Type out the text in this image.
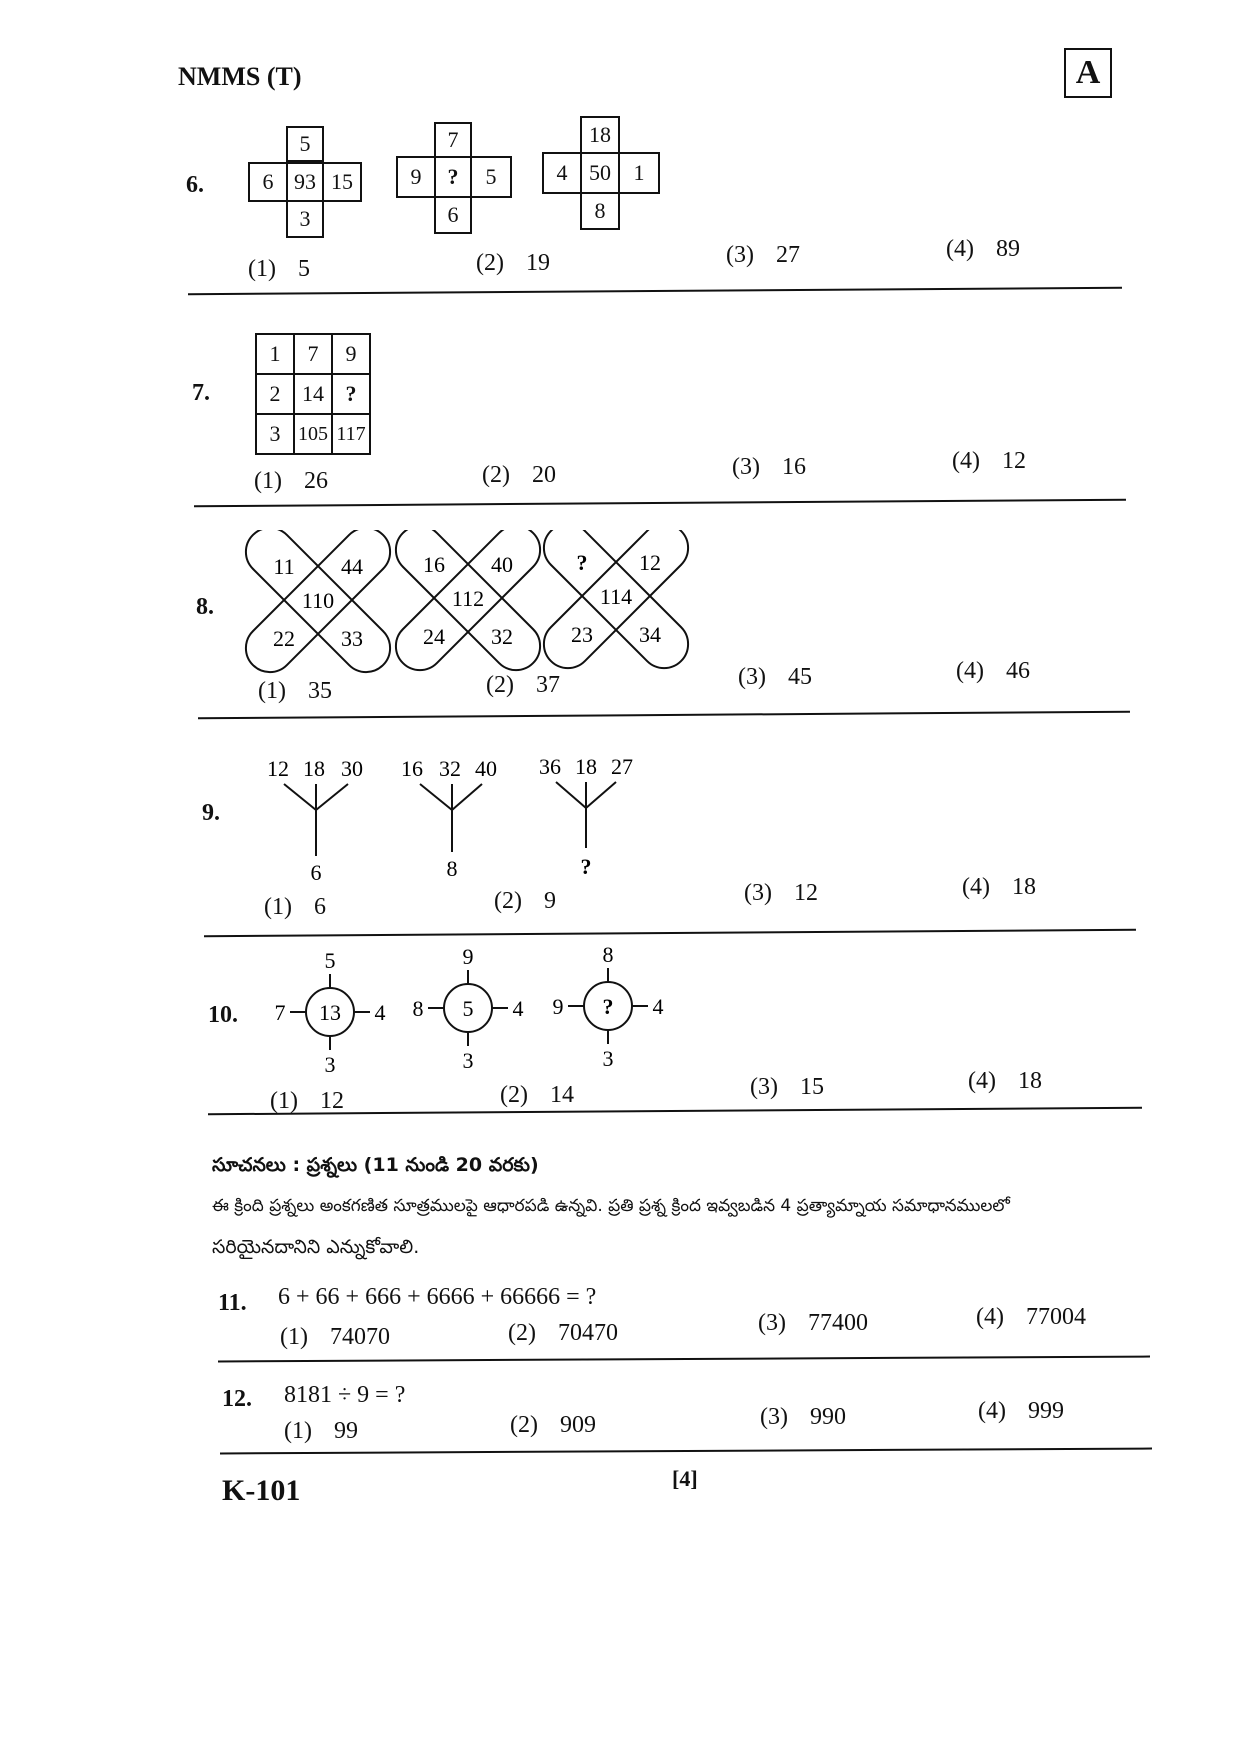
NMMS (T)	A
6.
5
6 93 15
3
7
9	?	5
6
18
4 50	1
8
(1) 5	(2) 19	(3) 27	(4) 89
7.
1	7	9
2	14	?
3	105	117
(1) 26	(2) 20	(3) 16	(4) 12
8.
11 44
110
22 33
16 40
112
24 32
? 12
114
23 34
(1) 35	(2) 37	(3) 45	(4) 46
9.
12 18 30
6
16 32 40
8
36 18 27
?
(1) 6	(2) 9	(3) 12	(4) 18
10.
5
7 13 4
3
9
8 5 4
3
8
9 ? 4
3
(1) 12	(2) 14	(3) 15	(4) 18
సూచనలు : ప్రశ్నలు (11 నుండి 20 వరకు)
ఈ క్రింది ప్రశ్నలు అంకగణిత సూత్రములపై ఆధారపడి ఉన్నవి. ప్రతి ప్రశ్న క్రింద ఇవ్వబడిన 4 ప్రత్యామ్నాయ సమాధానములలో
సరియైనదానిని ఎన్నుకోవాలి.
11. 6 + 66 + 666 + 6666 + 66666 = ?
(1) 74070	(2) 70470	(3) 77400	(4) 77004
12. 8181 ÷ 9 = ?
(1) 99	(2) 909	(3) 990	(4) 999
K-101	[4]
